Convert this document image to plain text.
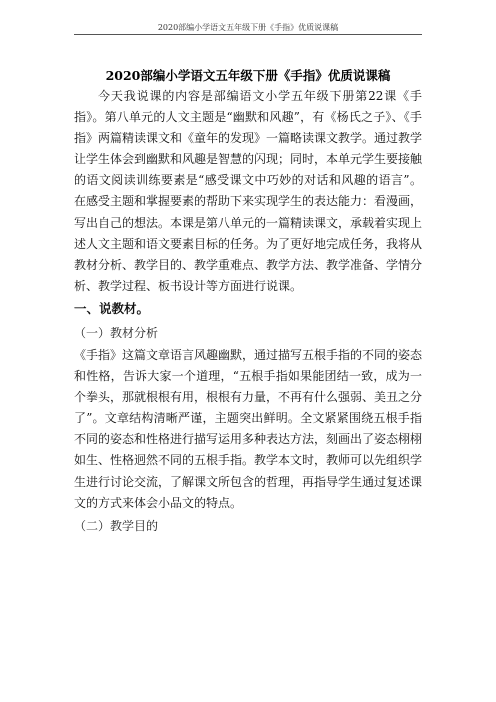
2020部编小学语文五年级下册《手指》优质说课稿
2020部编小学语文五年级下册《手指》优质说课稿

今天我说课的内容是部编语文小学五年级下册第22课《手指》。第八单元的人文主题是“幽默和风趣”，有《杨氏之子》、《手指》两篇精读课文和《童年的发现》一篇略读课文教学。通过教学让学生体会到幽默和风趣是智慧的闪现；同时，本单元学生要接触的语文阅读训练要素是“感受课文中巧妙的对话和风趣的语言”。在感受主题和掌握要素的帮助下来实现学生的表达能力：看漫画，写出自己的想法。本课是第八单元的一篇精读课文，承载着实现上述人文主题和语文要素目标的任务。为了更好地完成任务，我将从教材分析、教学目的、教学重难点、教学方法、教学准备、学情分析、教学过程、板书设计等方面进行说课。

一、说教材。

（一）教材分析

《手指》这篇文章语言风趣幽默，通过描写五根手指的不同的姿态和性格，告诉大家一个道理，“五根手指如果能团结一致，成为一个拳头，那就根根有用，根根有力量，不再有什么强弱、美丑之分了”。文章结构清晰严谨，主题突出鲜明。全文紧紧围绕五根手指不同的姿态和性格进行描写运用多种表达方法，刻画出了姿态栩栩如生、性格迥然不同的五根手指。教学本文时，教师可以先组织学生进行讨论交流，了解课文所包含的哲理，再指导学生通过复述课文的方式来体会小品文的特点。

（二）教学目的
